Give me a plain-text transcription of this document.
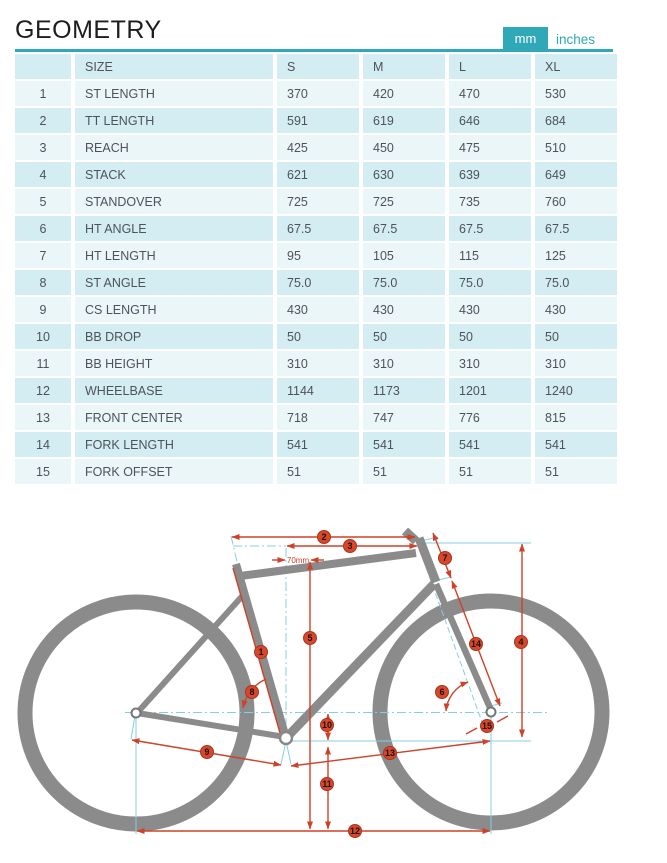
GEOMETRY	mm inches
	SIZE	S	M	L	XL
1	ST LENGTH	370	420	470	530
2	TT LENGTH	591	619	646	684
3	REACH	425	450	475	510
4	STACK	621	630	639	649
5	STANDOVER	725	725	735	760
6	HT ANGLE	67.5	67.5	67.5	67.5
7	HT LENGTH	95	105	115	125
8	ST ANGLE	75.0	75.0	75.0	75.0
9	CS LENGTH	430	430	430	430
10	BB DROP	50	50	50	50
11	BB HEIGHT	310	310	310	310
12	WHEELBASE	1144	1173	1201	1240
13	FRONT CENTER	718	747	776	815
14	FORK LENGTH	541	541	541	541
15	FORK OFFSET	51	51	51	51
70mm
1
2
3
4
5
6
7
8
9
10
11
12
13
14
15
